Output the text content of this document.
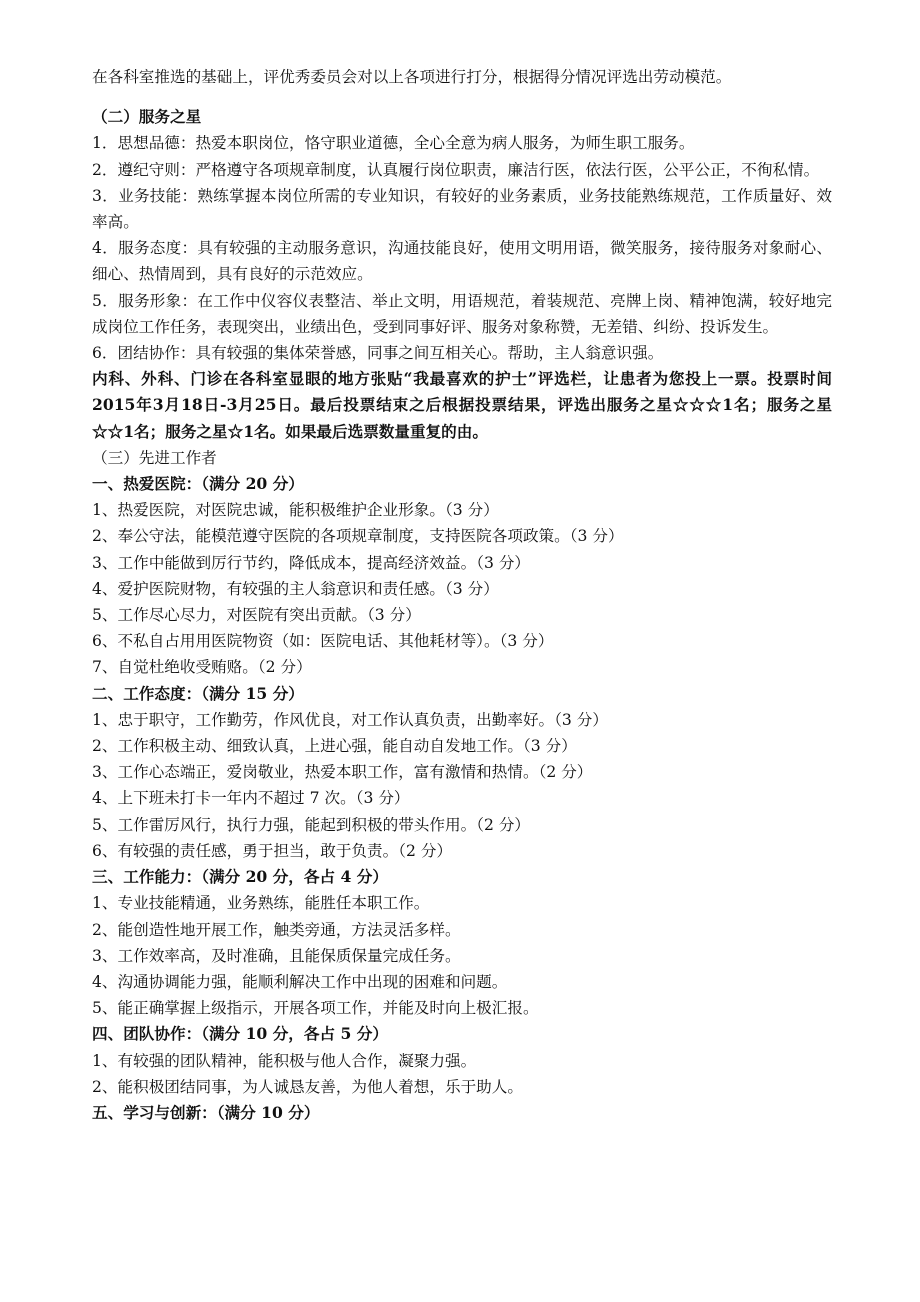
在各科室推选的基础上，评优秀委员会对以上各项进行打分，根据得分情况评选出劳动模范。

（二）服务之星

1．思想品德：热爱本职岗位，恪守职业道德，全心全意为病人服务，为师生职工服务。

2．遵纪守则：严格遵守各项规章制度，认真履行岗位职责，廉洁行医，依法行医，公平公正，不徇私情。

3．业务技能：熟练掌握本岗位所需的专业知识，有较好的业务素质，业务技能熟练规范，工作质量好、效率高。

4．服务态度：具有较强的主动服务意识，沟通技能良好，使用文明用语，微笑服务，接待服务对象耐心、细心、热情周到，具有良好的示范效应。

5．服务形象：在工作中仪容仪表整洁、举止文明，用语规范，着装规范、亮牌上岗、精神饱满，较好地完成岗位工作任务，表现突出，业绩出色，受到同事好评、服务对象称赞，无差错、纠纷、投诉发生。

6．团结协作：具有较强的集体荣誉感，同事之间互相关心。帮助，主人翁意识强。

内科、外科、门诊在各科室显眼的地方张贴“我最喜欢的护士”评选栏，让患者为您投上一票。投票时间2015年3月18日-3月25日。最后投票结束之后根据投票结果，评选出服务之星☆☆☆1名；服务之星☆☆1名；服务之星☆1名。如果最后选票数量重复的由。

（三）先进工作者

一、热爱医院：（满分 20 分）

1、热爱医院，对医院忠诚，能积极维护企业形象。（3 分）

2、奉公守法，能模范遵守医院的各项规章制度，支持医院各项政策。（3 分）

3、工作中能做到厉行节约，降低成本，提高经济效益。（3 分）

4、爱护医院财物，有较强的主人翁意识和责任感。（3 分）

5、工作尽心尽力，对医院有突出贡献。（3 分）

6、不私自占用用医院物资（如：医院电话、其他耗材等）。（3 分）

7、自觉杜绝收受贿赂。（2 分）

二、工作态度：（满分 15 分）

1、忠于职守，工作勤劳，作风优良，对工作认真负责，出勤率好。（3 分）

2、工作积极主动、细致认真，上进心强，能自动自发地工作。（3 分）

3、工作心态端正，爱岗敬业，热爱本职工作，富有激情和热情。（2 分）

4、上下班未打卡一年内不超过 7 次。（3 分）

5、工作雷厉风行，执行力强，能起到积极的带头作用。（2 分）

6、有较强的责任感，勇于担当，敢于负责。（2 分）

三、工作能力：（满分 20 分，各占 4 分）

1、专业技能精通，业务熟练，能胜任本职工作。

2、能创造性地开展工作，触类旁通，方法灵活多样。

3、工作效率高，及时准确，且能保质保量完成任务。

4、沟通协调能力强，能顺利解决工作中出现的困难和问题。

5、能正确掌握上级指示，开展各项工作，并能及时向上极汇报。

四、团队协作：（满分 10 分，各占 5 分）

1、有较强的团队精神，能积极与他人合作，凝聚力强。

2、能积极团结同事，为人诚恳友善，为他人着想，乐于助人。

五、学习与创新：（满分 10 分）
